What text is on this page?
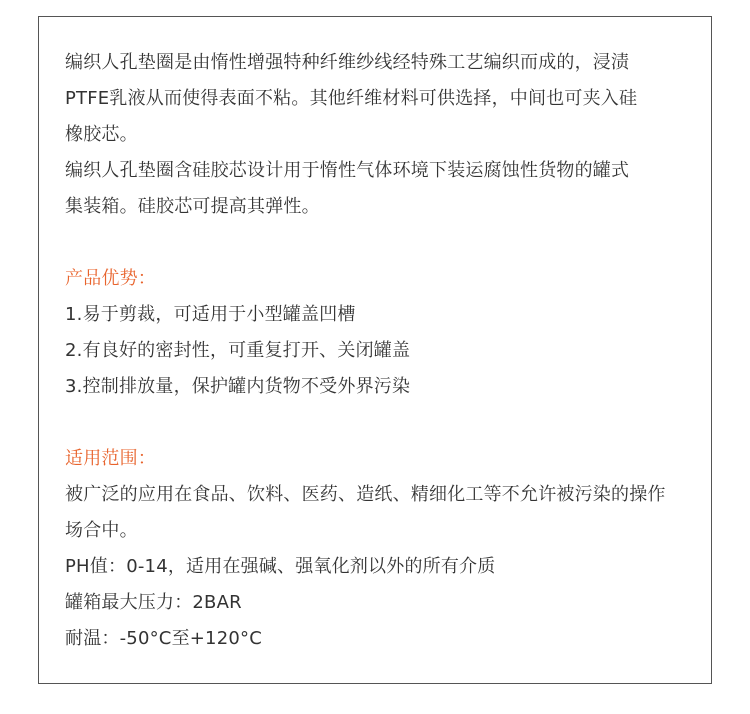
编织人孔垫圈是由惰性增强特种纤维纱线经特殊工艺编织而成的，浸渍
PTFE乳液从而使得表面不粘。其他纤维材料可供选择，中间也可夹入硅
橡胶芯。
编织人孔垫圈含硅胶芯设计用于惰性气体环境下装运腐蚀性货物的罐式
集装箱。硅胶芯可提高其弹性。
产品优势：
1.易于剪裁，可适用于小型罐盖凹槽
2.有良好的密封性，可重复打开、关闭罐盖
3.控制排放量，保护罐内货物不受外界污染
适用范围：
被广泛的应用在食品、饮料、医药、造纸、精细化工等不允许被污染的操作
场合中。
PH值：0-14，适用在强碱、强氧化剂以外的所有介质
罐箱最大压力：2BAR
耐温：-50°C至+120°C
